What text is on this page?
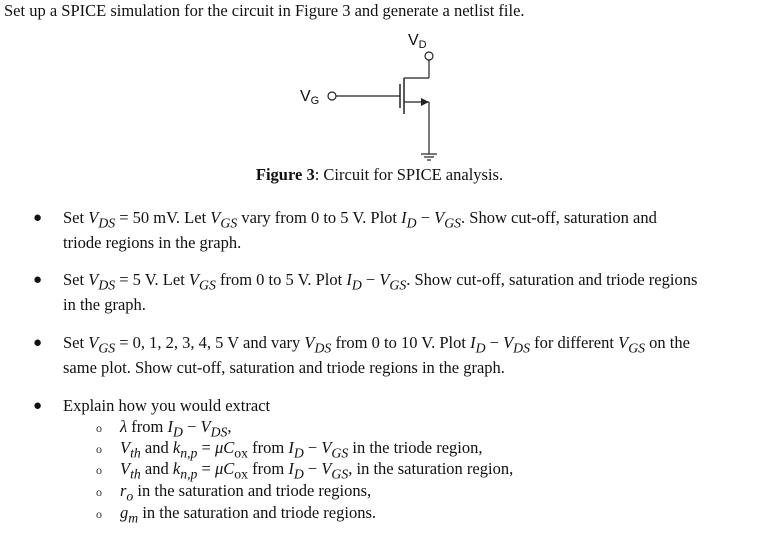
Set up a SPICE simulation for the circuit in Figure 3 and generate a netlist file.
VD
VG
Figure 3: Circuit for SPICE analysis.
● Set $V_{DS} = 50$ mV. Let $V_{GS}$ vary from 0 to 5 V. Plot $I_D - V_{GS}$. Show cut-off, saturation and
triode regions in the graph.
● Set $V_{DS} = 5$ V. Let $V_{GS}$ from 0 to 5 V. Plot $I_D - V_{GS}$. Show cut-off, saturation and triode regions
in the graph.
● Set $V_{GS} = 0$, 1, 2, 3, 4, 5 V and vary $V_{DS}$ from 0 to 10 V. Plot $I_D - V_{DS}$ for different $V_{GS}$ on the
same plot. Show cut-off, saturation and triode regions in the graph.
● Explain how you would extract
o λ from $I_D - V_{DS}$,
o $V_{th}$ and $k_{n,p} = \mu C_{ox}$ from $I_D - V_{GS}$ in the triode region,
o $V_{th}$ and $k_{n,p} = \mu C_{ox}$ from $I_D - V_{GS}$, in the saturation region,
o $r_o$ in the saturation and triode regions,
o $g_m$ in the saturation and triode regions.
